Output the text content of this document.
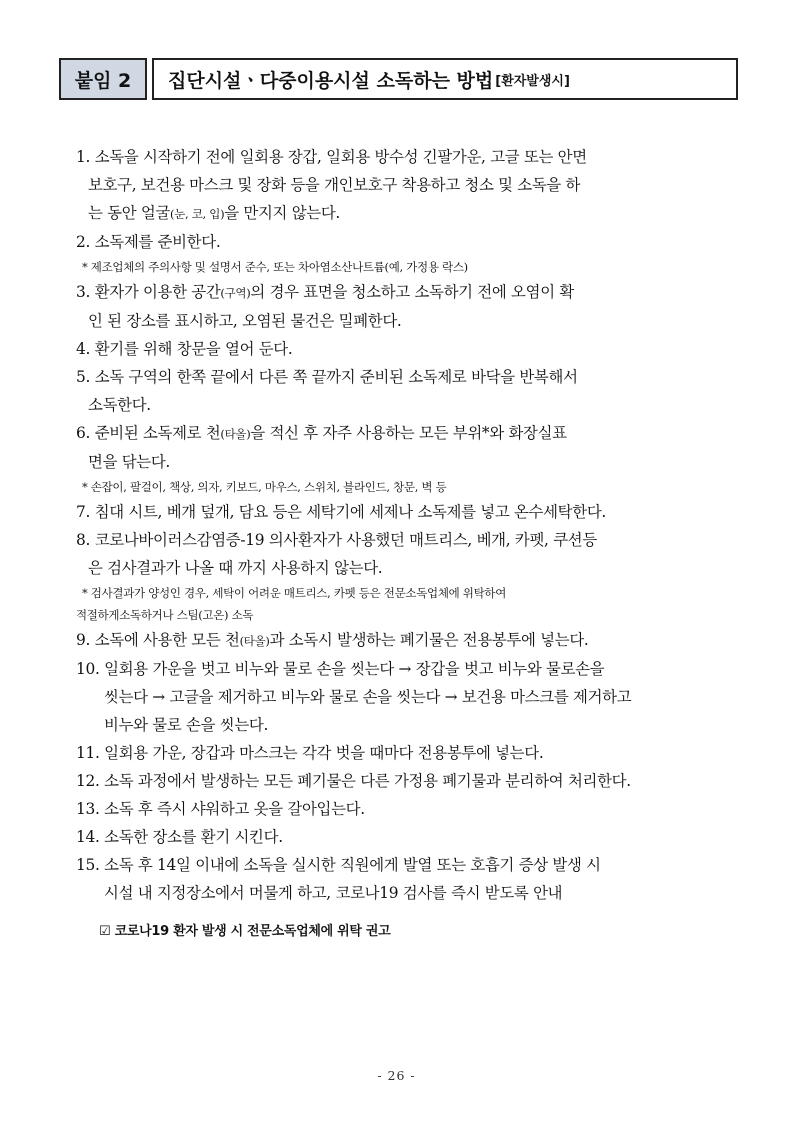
붙임 2	집단시설ㆍ다중이용시설 소독하는 방법 [환자발생시]
1. 소독을 시작하기 전에 일회용 장갑, 일회용 방수성 긴팔가운, 고글 또는 안면
보호구, 보건용 마스크 및 장화 등을 개인보호구 착용하고 청소 및 소독을 하
는 동안 얼굴(눈, 코, 입)을 만지지 않는다.
2. 소독제를 준비한다.
* 제조업체의 주의사항 및 설명서 준수, 또는 차아염소산나트륨(예, 가정용 락스)
3. 환자가 이용한 공간(구역)의 경우 표면을 청소하고 소독하기 전에 오염이 확
인 된 장소를 표시하고, 오염된 물건은 밀폐한다.
4. 환기를 위해 창문을 열어 둔다.
5. 소독 구역의 한쪽 끝에서 다른 쪽 끝까지 준비된 소독제로 바닥을 반복해서
소독한다.
6. 준비된 소독제로 천(타올)을 적신 후 자주 사용하는 모든 부위*와 화장실표
면을 닦는다.
* 손잡이, 팔걸이, 책상, 의자, 키보드, 마우스, 스위치, 블라인드, 창문, 벽 등
7. 침대 시트, 베개 덮개, 담요 등은 세탁기에 세제나 소독제를 넣고 온수세탁한다.
8. 코로나바이러스감염증-19 의사환자가 사용했던 매트리스, 베개, 카펫, 쿠션등
은 검사결과가 나올 때 까지 사용하지 않는다.
* 검사결과가 양성인 경우, 세탁이 어려운 매트리스, 카펫 등은 전문소독업체에 위탁하여
적절하게소독하거나 스팀(고온) 소독
9. 소독에 사용한 모든 천(타올)과 소독시 발생하는 폐기물은 전용봉투에 넣는다.
10. 일회용 가운을 벗고 비누와 물로 손을 씻는다 → 장갑을 벗고 비누와 물로손을
씻는다 → 고글을 제거하고 비누와 물로 손을 씻는다 → 보건용 마스크를 제거하고
비누와 물로 손을 씻는다.
11. 일회용 가운, 장갑과 마스크는 각각 벗을 때마다 전용봉투에 넣는다.
12. 소독 과정에서 발생하는 모든 폐기물은 다른 가정용 폐기물과 분리하여 처리한다.
13. 소독 후 즉시 샤워하고 옷을 갈아입는다.
14. 소독한 장소를 환기 시킨다.
15. 소독 후 14일 이내에 소독을 실시한 직원에게 발열 또는 호흡기 증상 발생 시
시설 내 지정장소에서 머물게 하고, 코로나19 검사를 즉시 받도록 안내
☑ 코로나19 환자 발생 시 전문소독업체에 위탁 권고
- 26 -
